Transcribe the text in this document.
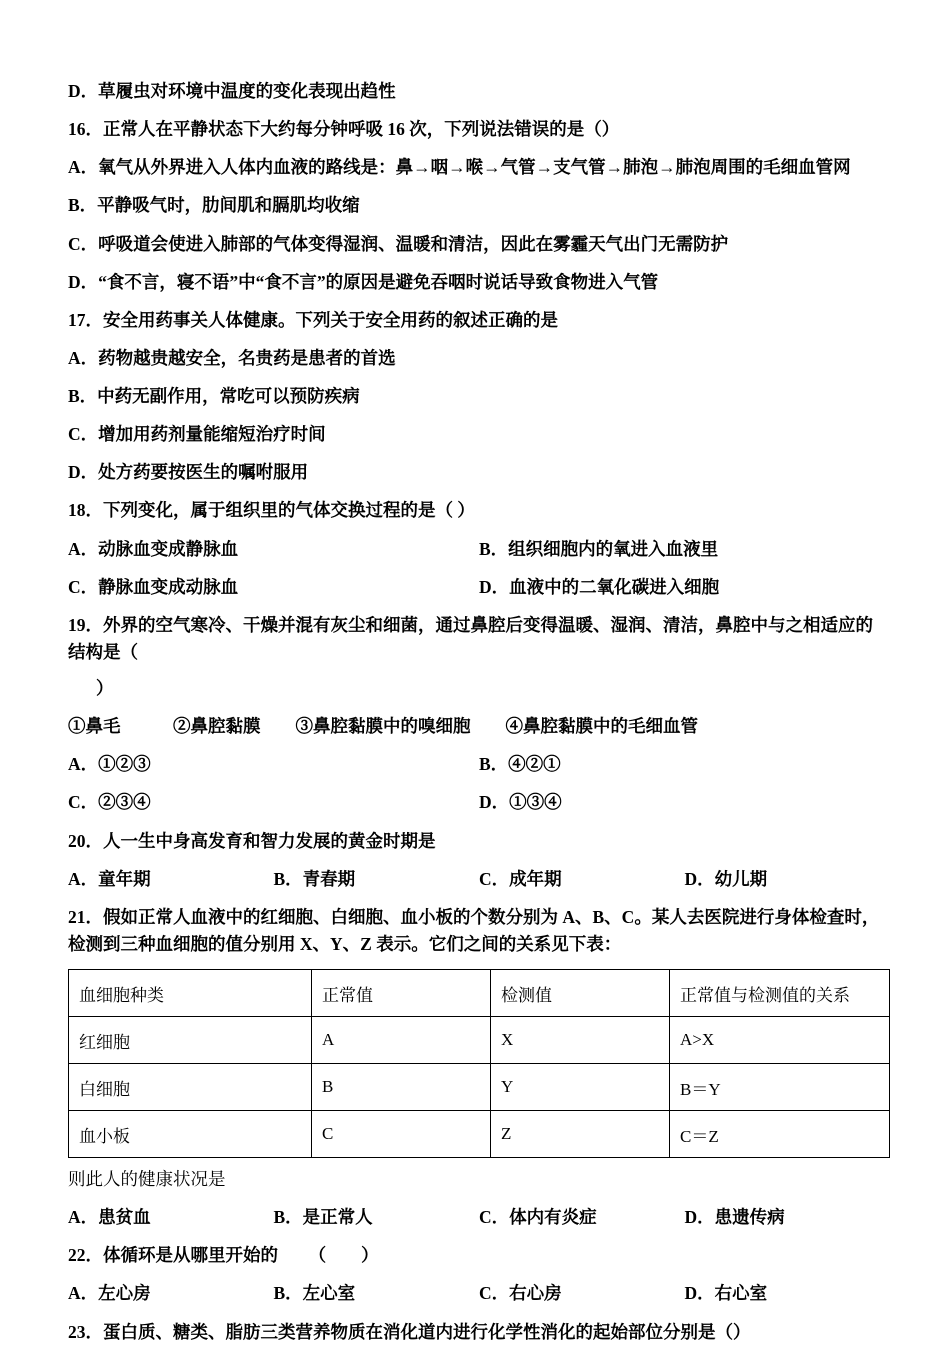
D．草履虫对环境中温度的变化表现出趋性
16．正常人在平静状态下大约每分钟呼吸 16 次，下列说法错误的是（）
A．氧气从外界进入人体内血液的路线是：鼻→咽→喉→气管→支气管→肺泡→肺泡周围的毛细血管网
B．平静吸气时，肋间肌和膈肌均收缩
C．呼吸道会使进入肺部的气体变得湿润、温暖和清洁，因此在雾霾天气出门无需防护
D．“食不言，寝不语”中“食不言”的原因是避免吞咽时说话导致食物进入气管
17．安全用药事关人体健康。下列关于安全用药的叙述正确的是
A．药物越贵越安全，名贵药是患者的首选
B．中药无副作用，常吃可以预防疾病
C．增加用药剂量能缩短治疗时间
D．处方药要按医生的嘱咐服用
18．下列变化，属于组织里的气体交换过程的是（ ）
A．动脉血变成静脉血	B．组织细胞内的氧进入血液里
C．静脉血变成动脉血	D．血液中的二氧化碳进入细胞
19．外界的空气寒冷、干燥并混有灰尘和细菌，通过鼻腔后变得温暖、湿润、清洁，鼻腔中与之相适应的结构是（
）
①鼻毛　　　②鼻腔黏膜　　③鼻腔黏膜中的嗅细胞　　④鼻腔黏膜中的毛细血管
A．①②③	B．④②①
C．②③④	D．①③④
20．人一生中身高发育和智力发展的黄金时期是
A．童年期	B．青春期	C．成年期	D．幼儿期
21．假如正常人血液中的红细胞、白细胞、血小板的个数分别为 A、B、C。某人去医院进行身体检查时，检测到三种血细胞的值分别用 X、Y、Z 表示。它们之间的关系见下表：
血细胞种类	正常值	检测值	正常值与检测值的关系
红细胞	A	X	A>X
白细胞	B	Y	B＝Y
血小板	C	Z	C＝Z
则此人的健康状况是
A．患贫血	B．是正常人	C．体内有炎症	D．患遗传病
22．体循环是从哪里开始的 　　（　　）
A．左心房	B．左心室	C．右心房	D．右心室
23．蛋白质、糖类、脂肪三类营养物质在消化道内进行化学性消化的起始部位分别是（）
